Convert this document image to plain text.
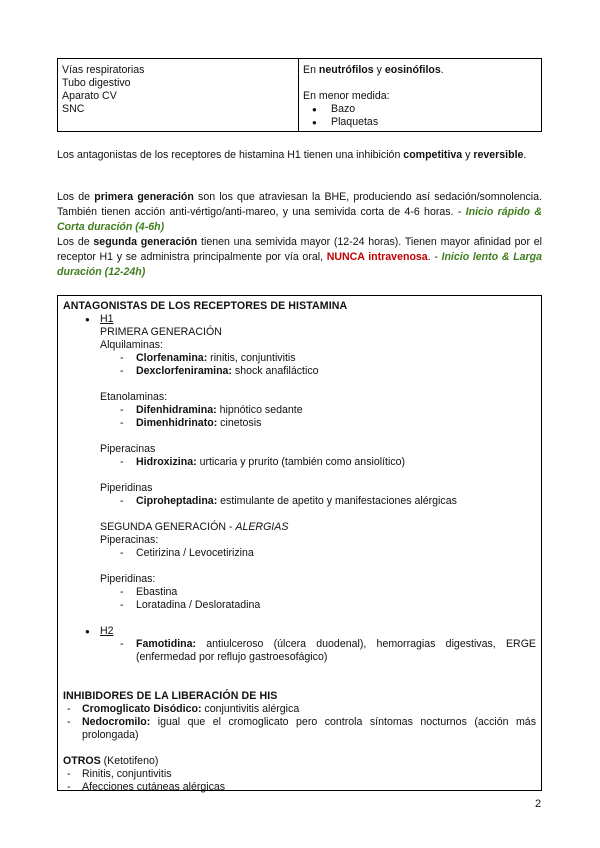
Vías respiratorias
Tubo digestivo
Aparato CV
SNC
En neutrófilos y eosinófilos.
En menor medida:
● Bazo
● Plaquetas
Los antagonistas de los receptores de histamina H1 tienen una inhibición competitiva y reversible.
Los de primera generación son los que atraviesan la BHE, produciendo así sedación/somnolencia. También tienen acción anti-vértigo/anti-mareo, y una semivida corta de 4-6 horas. - Inicio rápido & Corta duración (4-6h)
Los de segunda generación tienen una semivida mayor (12-24 horas). Tienen mayor afinidad por el receptor H1 y se administra principalmente por vía oral, NUNCA intravenosa. - Inicio lento & Larga duración (12-24h)
ANTAGONISTAS DE LOS RECEPTORES DE HISTAMINA
● H1
PRIMERA GENERACIÓN
Alquilaminas:
- Clorfenamina: rinitis, conjuntivitis
- Dexclorfeniramina: shock anafiláctico
Etanolaminas:
- Difenhidramina: hipnótico sedante
- Dimenhidrinato: cinetosis
Piperacinas
- Hidroxizina: urticaria y prurito (también como ansiolítico)
Piperidinas
- Ciproheptadina: estimulante de apetito y manifestaciones alérgicas
SEGUNDA GENERACIÓN - ALERGIAS
Piperacinas:
- Cetirizina / Levocetirizina
Piperidinas:
- Ebastina
- Loratadina / Desloratadina
● H2
- Famotidina: antiulceroso (úlcera duodenal), hemorragias digestivas, ERGE (enfermedad por reflujo gastroesofágico)
INHIBIDORES DE LA LIBERACIÓN DE HIS
- Cromoglicato Disódico: conjuntivitis alérgica
- Nedocromilo: igual que el cromoglicato pero controla síntomas nocturnos (acción más prolongada)
OTROS (Ketotifeno)
- Rinitis, conjuntivitis
- Afecciones cutáneas alérgicas
2
